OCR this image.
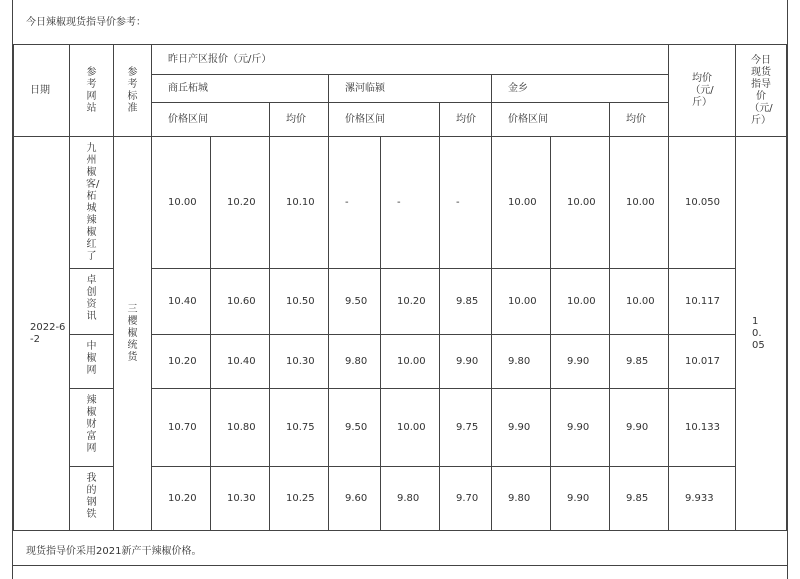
今日辣椒现货指导价参考：
日期	参考网站	参考标准	昨日产区报价（元/斤）									均价（元/斤）	今日现货指导价（元/斤）
			商丘柘城			漯河临颍			金乡				
			价格区间		均价	价格区间		均价	价格区间		均价		
2022-6-2	九州椒客/柘城辣椒红了	三樱椒统货	10.00	10.20	10.10	-	-	-	10.00	10.00	10.00	10.050	10.05
	卓创资讯		10.40	10.60	10.50	9.50	10.20	9.85	10.00	10.00	10.00	10.117	
	中椒网		10.20	10.40	10.30	9.80	10.00	9.90	9.80	9.90	9.85	10.017	
	辣椒财富网		10.70	10.80	10.75	9.50	10.00	9.75	9.90	9.90	9.90	10.133	
	我的钢铁		10.20	10.30	10.25	9.60	9.80	9.70	9.80	9.90	9.85	9.933	
现货指导价采用2021新产干辣椒价格。
